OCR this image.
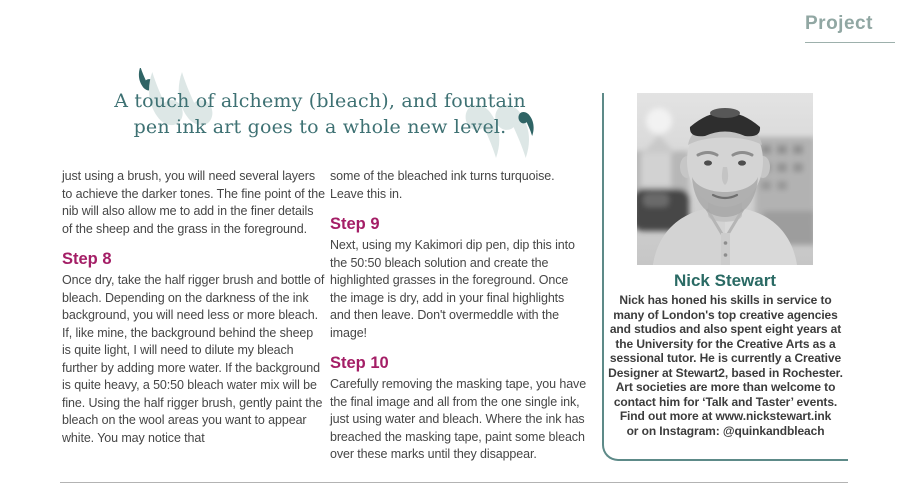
Project
A touch of alchemy (bleach), and fountain
pen ink art goes to a whole new level.

just using a brush, you will need several layers to achieve the darker tones. The fine point of the nib will also allow me to add in the finer details of the sheep and the grass in the foreground.

Step 8

Once dry, take the half rigger brush and bottle of bleach. Depending on the darkness of the ink background, you will need less or more bleach. If, like mine, the background behind the sheep is quite light, I will need to dilute my bleach further by adding more water. If the background is quite heavy, a 50:50 bleach water mix will be fine. Using the half rigger brush, gently paint the bleach on the wool areas you want to appear white. You may notice that

some of the bleached ink turns turquoise. Leave this in.

Step 9

Next, using my Kakimori dip pen, dip this into the 50:50 bleach solution and create the highlighted grasses in the foreground. Once the image is dry, add in your final highlights and then leave. Don't overmeddle with the image!

Step 10

Carefully removing the masking tape, you have the final image and all from the one single ink, just using water and bleach. Where the ink has breached the masking tape, paint some bleach over these marks until they disappear.

Nick Stewart
Nick has honed his skills in service to many of London's top creative agencies and studios and also spent eight years at the University for the Creative Arts as a sessional tutor. He is currently a Creative Designer at Stewart2, based in Rochester. Art societies are more than welcome to contact him for ‘Talk and Taster’ events.
Find out more at www.nickstewart.ink
or on Instagram: @quinkandbleach
